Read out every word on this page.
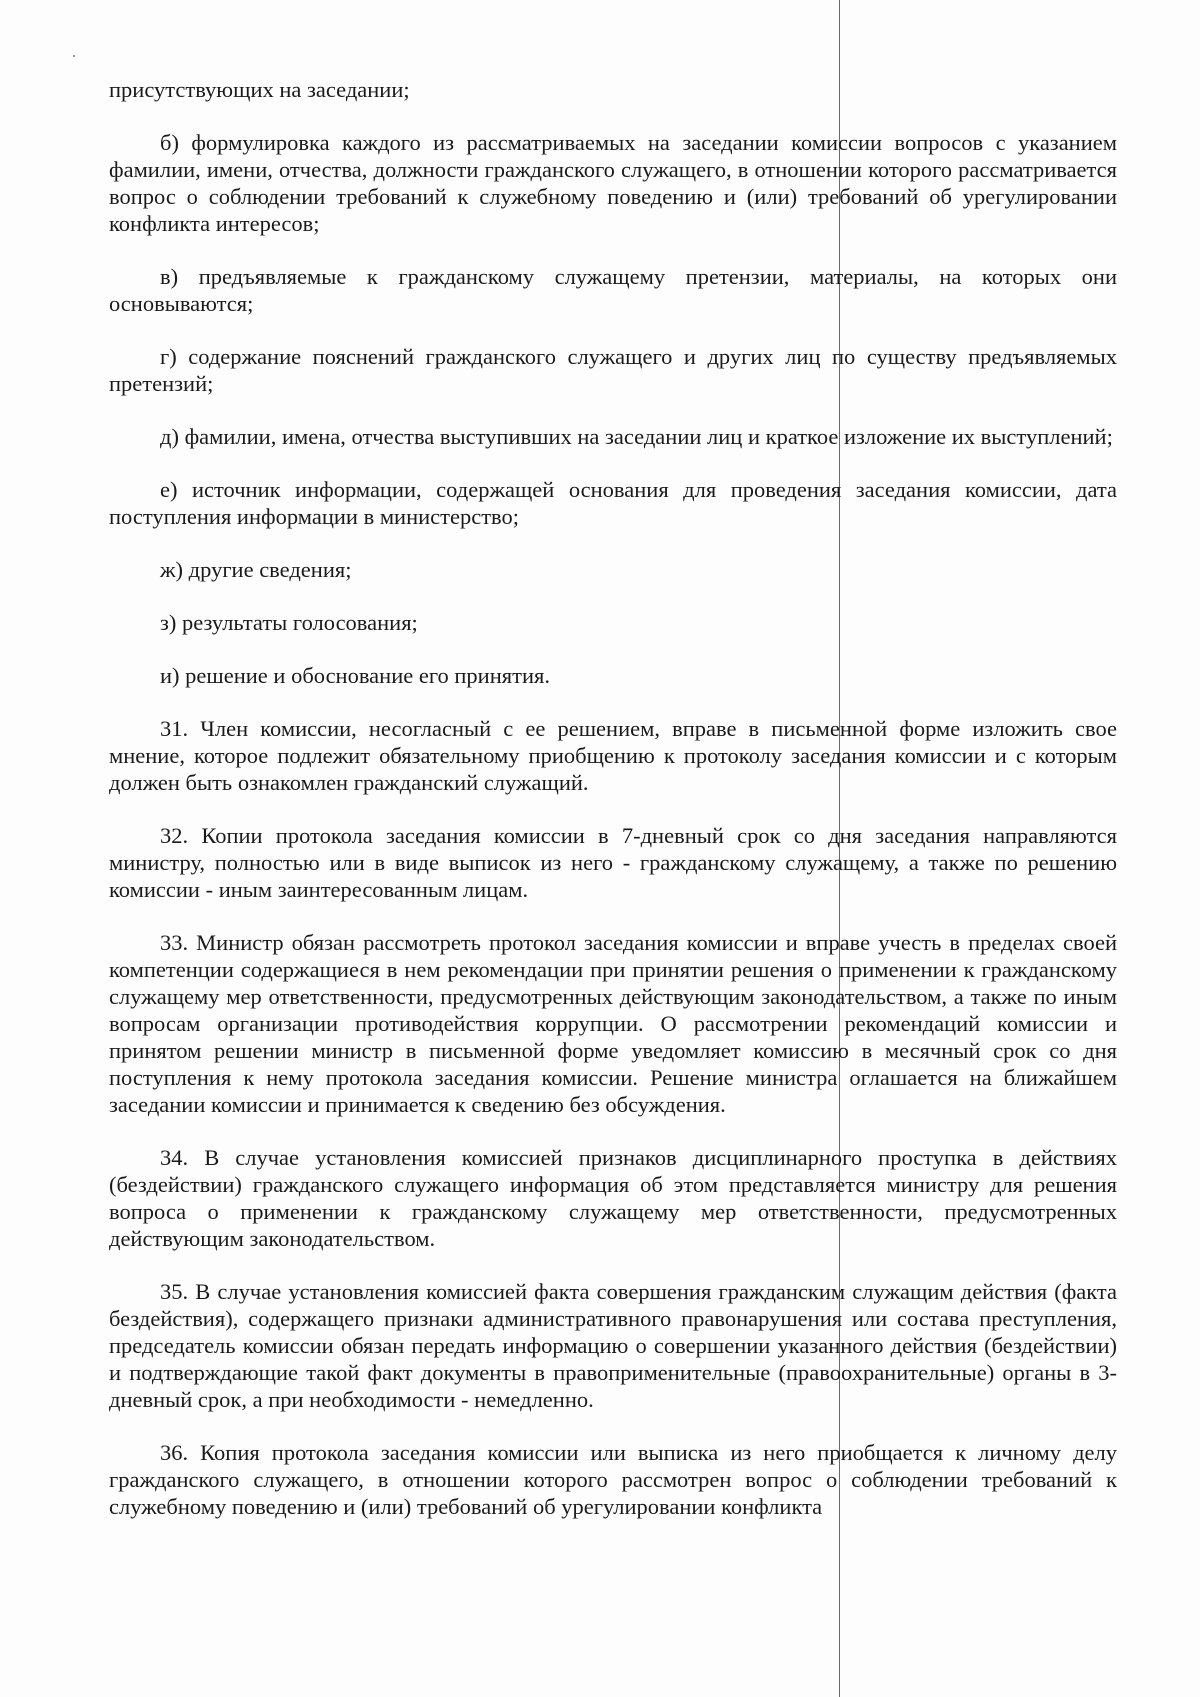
присутствующих на заседании;

б) формулировка каждого из рассматриваемых на заседании комиссии вопросов с указанием фамилии, имени, отчества, должности гражданского служащего, в отношении которого рассматривается вопрос о соблюдении требований к служебному поведению и (или) требований об урегулировании конфликта интересов;

в) предъявляемые к гражданскому служащему претензии, материалы, на которых они основываются;

г) содержание пояснений гражданского служащего и других лиц по существу предъявляемых претензий;

д) фамилии, имена, отчества выступивших на заседании лиц и краткое изложение их выступлений;

е) источник информации, содержащей основания для проведения заседания комиссии, дата поступления информации в министерство;

ж) другие сведения;

з) результаты голосования;

и) решение и обоснование его принятия.

31. Член комиссии, несогласный с ее решением, вправе в письменной форме изложить свое мнение, которое подлежит обязательному приобщению к протоколу заседания комиссии и с которым должен быть ознакомлен гражданский служащий.

32. Копии протокола заседания комиссии в 7-дневный срок со дня заседания направляются министру, полностью или в виде выписок из него - гражданскому служащему, а также по решению комиссии - иным заинтересованным лицам.

33. Министр обязан рассмотреть протокол заседания комиссии и вправе учесть в пределах своей компетенции содержащиеся в нем рекомендации при принятии решения о применении к гражданскому служащему мер ответственности, предусмотренных действующим законодательством, а также по иным вопросам организации противодействия коррупции. О рассмотрении рекомендаций комиссии и принятом решении министр в письменной форме уведомляет комиссию в месячный срок со дня поступления к нему протокола заседания комиссии. Решение министра оглашается на ближайшем заседании комиссии и принимается к сведению без обсуждения.

34. В случае установления комиссией признаков дисциплинарного проступка в действиях (бездействии) гражданского служащего информация об этом представляется министру для решения вопроса о применении к гражданскому служащему мер ответственности, предусмотренных действующим законодательством.

35. В случае установления комиссией факта совершения гражданским служащим действия (факта бездействия), содержащего признаки административного правонарушения или состава преступления, председатель комиссии обязан передать информацию о совершении указанного действия (бездействии) и подтверждающие такой факт документы в правоприменительные (правоохранительные) органы в 3-дневный срок, а при необходимости - немедленно.

36. Копия протокола заседания комиссии или выписка из него приобщается к личному делу гражданского служащего, в отношении которого рассмотрен вопрос о соблюдении требований к служебному поведению и (или) требований об урегулировании конфликта
